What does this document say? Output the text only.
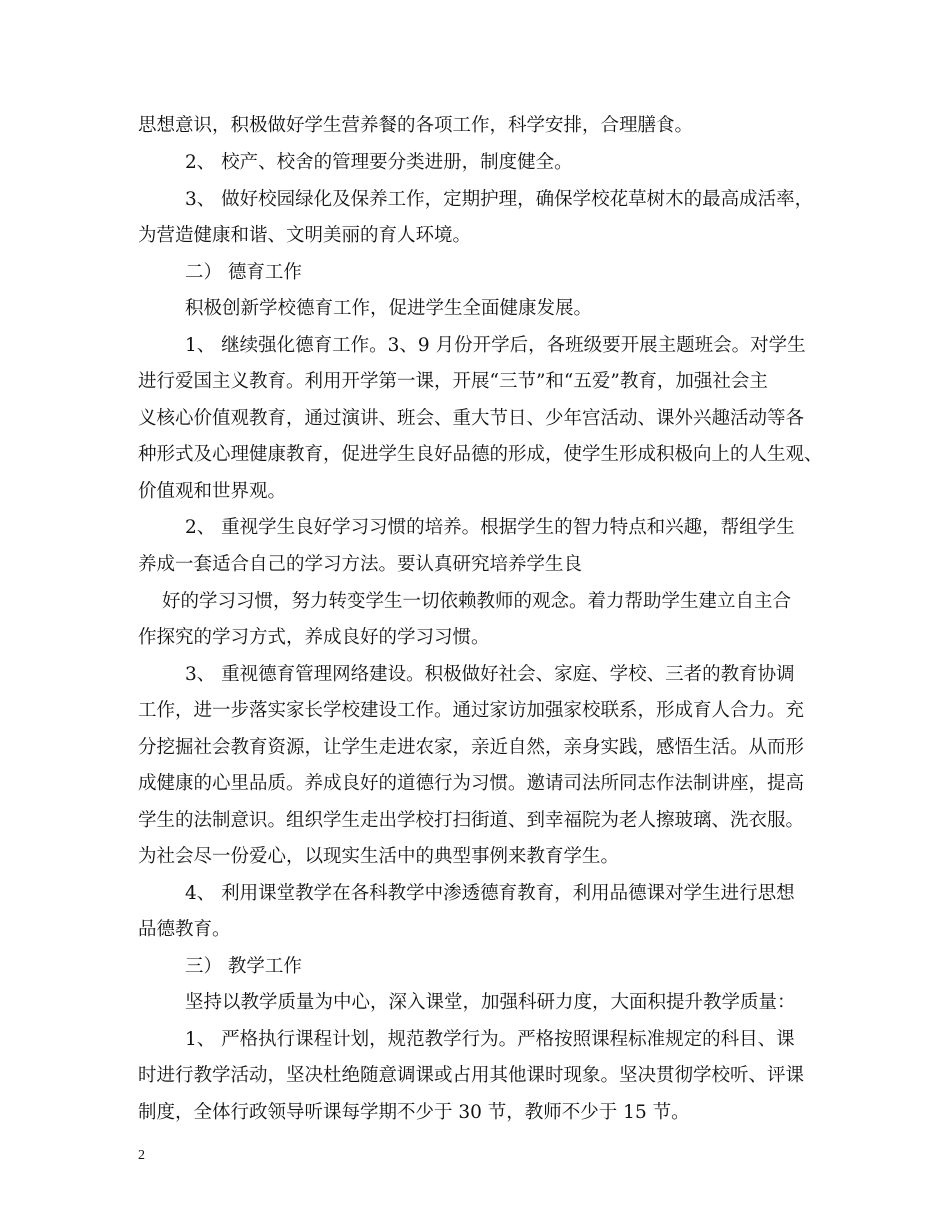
思想意识，积极做好学生营养餐的各项工作，科学安排，合理膳食。
2、 校产、校舍的管理要分类进册，制度健全。
3、 做好校园绿化及保养工作，定期护理，确保学校花草树木的最高成活率，
为营造健康和谐、文明美丽的育人环境。
二） 德育工作
积极创新学校德育工作，促进学生全面健康发展。
1、 继续强化德育工作。3、9 月份开学后，各班级要开展主题班会。对学生
进行爱国主义教育。利用开学第一课，开展“三节”和“五爱”教育，加强社会主
义核心价值观教育，通过演讲、班会、重大节日、少年宫活动、课外兴趣活动等各
种形式及心理健康教育，促进学生良好品德的形成，使学生形成积极向上的人生观、
价值观和世界观。
2、 重视学生良好学习习惯的培养。根据学生的智力特点和兴趣，帮组学生
养成一套适合自己的学习方法。要认真研究培养学生良
好的学习习惯，努力转变学生一切依赖教师的观念。着力帮助学生建立自主合
作探究的学习方式，养成良好的学习习惯。
3、 重视德育管理网络建设。积极做好社会、家庭、学校、三者的教育协调
工作，进一步落实家长学校建设工作。通过家访加强家校联系，形成育人合力。充
分挖掘社会教育资源，让学生走进农家，亲近自然，亲身实践，感悟生活。从而形
成健康的心里品质。养成良好的道德行为习惯。邀请司法所同志作法制讲座，提高
学生的法制意识。组织学生走出学校打扫街道、到幸福院为老人擦玻璃、洗衣服。
为社会尽一份爱心，以现实生活中的典型事例来教育学生。
4、 利用课堂教学在各科教学中渗透德育教育，利用品德课对学生进行思想
品德教育。
三） 教学工作
坚持以教学质量为中心，深入课堂，加强科研力度，大面积提升教学质量：
1、 严格执行课程计划，规范教学行为。严格按照课程标准规定的科目、课
时进行教学活动，坚决杜绝随意调课或占用其他课时现象。坚决贯彻学校听、评课
制度，全体行政领导听课每学期不少于 30 节，教师不少于 15 节。
2
